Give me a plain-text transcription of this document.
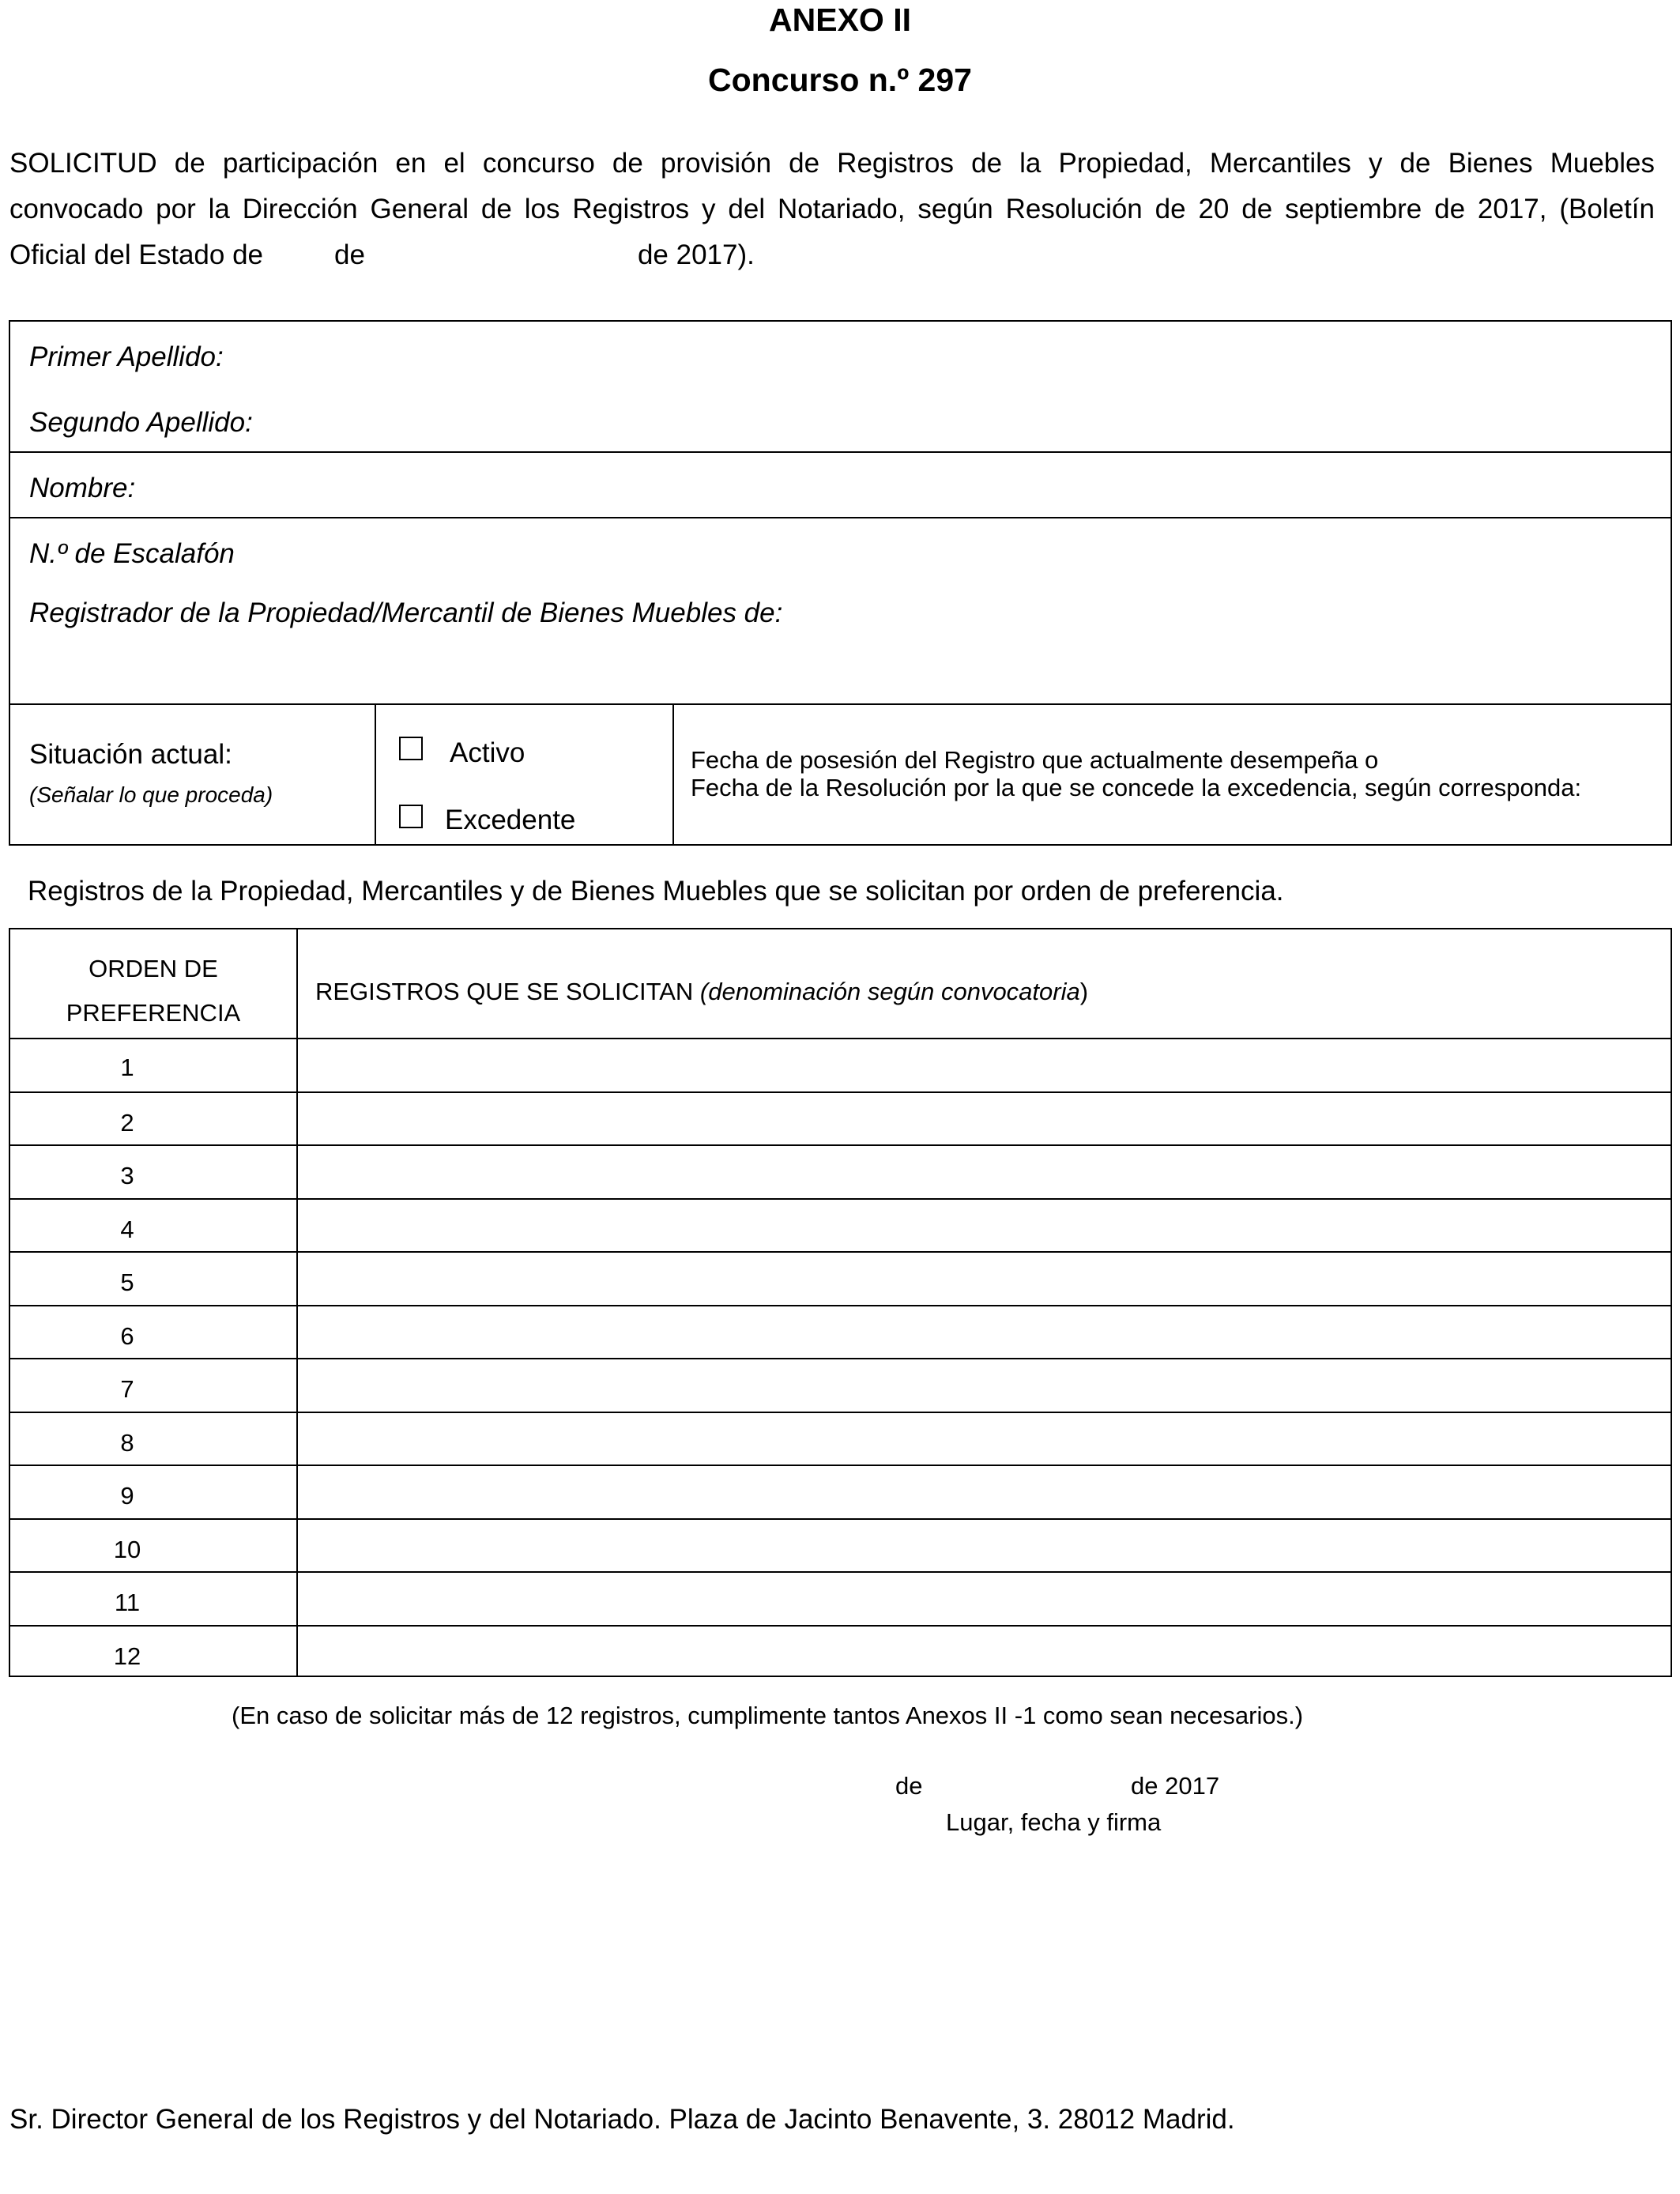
ANEXO II
Concurso n.º 297
SOLICITUD de participación en el concurso de provisión de Registros de la Propiedad, Mercantiles y de Bienes Muebles
convocado por la Dirección General de los Registros y del Notariado, según Resolución de 20 de septiembre de 2017, (Boletín
Oficial del Estado de	de	de 2017).
Primer Apellido:
Segundo Apellido:
Nombre:
N.º de Escalafón
Registrador de la Propiedad/Mercantil de Bienes Muebles de:
Situación actual:
(Señalar lo que proceda)
Activo
Excedente
Fecha de posesión del Registro que actualmente desempeña o
Fecha de la Resolución por la que se concede la excedencia, según corresponda:
Registros de la Propiedad, Mercantiles y de Bienes Muebles que se solicitan por orden de preferencia.
ORDEN DE
PREFERENCIA
REGISTROS QUE SE SOLICITAN (denominación según convocatoria)
1
2
3
4
5
6
7
8
9
10
11
12
(En caso de solicitar más de 12 registros, cumplimente tantos Anexos II -1 como sean necesarios.)
de	de 2017
Lugar, fecha y firma
Sr. Director General de los Registros y del Notariado. Plaza de Jacinto Benavente, 3. 28012 Madrid.
